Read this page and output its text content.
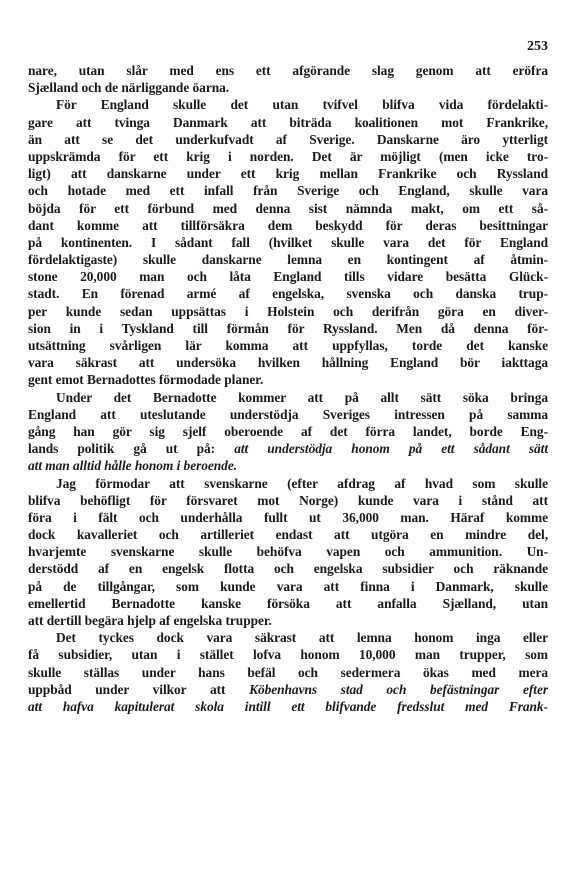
253
nare, utan slår med ens ett afgörande slag genom att eröfra
Sjælland och de närliggande öarna.
För England skulle det utan tvifvel blifva vida fördelakti-
gare att tvinga Danmark att biträda koalitionen mot Frankrike,
än att se det underkufvadt af Sverige. Danskarne äro ytterligt
uppskrämda för ett krig i norden. Det är möjligt (men icke tro-
ligt) att danskarne under ett krig mellan Frankrike och Ryssland
och hotade med ett infall från Sverige och England, skulle vara
böjda för ett förbund med denna sist nämnda makt, om ett så-
dant komme att tillförsäkra dem beskydd för deras besittningar
på kontinenten. I sådant fall (hvilket skulle vara det för England
fördelaktigaste) skulle danskarne lemna en kontingent af åtmin-
stone 20,000 man och låta England tills vidare besätta Glück-
stadt. En förenad armé af engelska, svenska och danska trup-
per kunde sedan uppsättas i Holstein och derifrån göra en diver-
sion in i Tyskland till förmån för Ryssland. Men då denna för-
utsättning svårligen lär komma att uppfyllas, torde det kanske
vara säkrast att undersöka hvilken hållning England bör iakttaga
gent emot Bernadottes förmodade planer.
Under det Bernadotte kommer att på allt sätt söka bringa
England att uteslutande understödja Sveriges intressen på samma
gång han gör sig sjelf oberoende af det förra landet, borde Eng-
lands politik gå ut på: att understödja honom på ett sådant sätt
att man alltid hålle honom i beroende.
Jag förmodar att svenskarne (efter afdrag af hvad som skulle
blifva behöfligt för försvaret mot Norge) kunde vara i stånd att
föra i fält och underhålla fullt ut 36,000 man. Häraf komme
dock kavalleriet och artilleriet endast att utgöra en mindre del,
hvarjemte svenskarne skulle behöfva vapen och ammunition. Un-
derstödd af en engelsk flotta och engelska subsidier och räknande
på de tillgångar, som kunde vara att finna i Danmark, skulle
emellertid Bernadotte kanske försöka att anfalla Sjælland, utan
att dertill begära hjelp af engelska trupper.
Det tyckes dock vara säkrast att lemna honom inga eller
få subsidier, utan i stället lofva honom 10,000 man trupper, som
skulle ställas under hans befäl och sedermera ökas med mera
uppbåd under vilkor att Köbenhavns stad och befästningar efter
att hafva kapitulerat skola intill ett blifvande fredsslut med Frank-
